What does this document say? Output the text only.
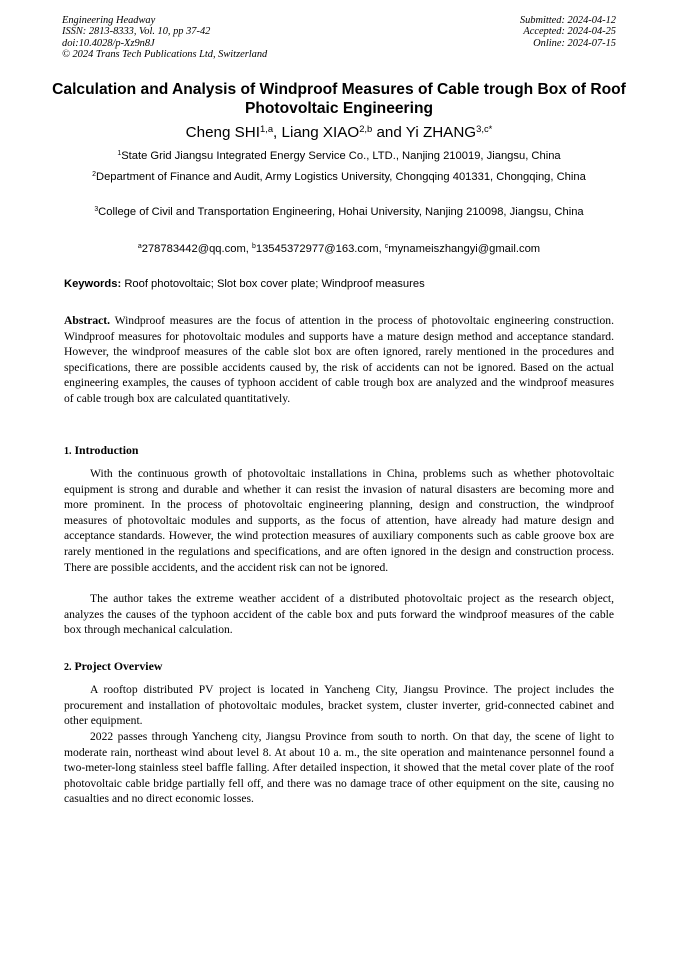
Engineering Headway
ISSN: 2813-8333, Vol. 10, pp 37-42
doi:10.4028/p-Xz9n8J
© 2024 Trans Tech Publications Ltd, Switzerland
Submitted: 2024-04-12
Accepted: 2024-04-25
Online: 2024-07-15
Calculation and Analysis of Windproof Measures of Cable trough Box of Roof Photovoltaic Engineering
Cheng SHI$^{1,a}$, Liang XIAO$^{2,b}$ and Yi $ZHANG^{3,c*}$
$^1$State Grid Jiangsu Integrated Energy Service Co., LTD., Nanjing 210019, Jiangsu, China
$^2$Department of Finance and Audit, Army Logistics University, Chongqing 401331, Chongqing, China
$^3$College of Civil and Transportation Engineering, Hohai University, Nanjing 210098, Jiangsu, China
$^a$278783442@qq.com, $^b$13545372977@163.com, $^c$mynameiszhangyi@gmail.com
Keywords: Roof photovoltaic; Slot box cover plate; Windproof measures

Abstract. Windproof measures are the focus of attention in the process of photovoltaic engineering construction. Windproof measures for photovoltaic modules and supports have a mature design method and acceptance standard. However, the windproof measures of the cable slot box are often ignored, rarely mentioned in the procedures and specifications, there are possible accidents caused by, the risk of accidents can not be ignored. Based on the actual engineering examples, the causes of typhoon accident of cable trough box are analyzed and the windproof measures of cable trough box are calculated quantitatively.

1. Introduction

With the continuous growth of photovoltaic installations in China, problems such as whether photovoltaic equipment is strong and durable and whether it can resist the invasion of natural disasters are becoming more and more prominent. In the process of photovoltaic engineering planning, design and construction, the windproof measures of photovoltaic modules and supports, as the focus of attention, have already had mature design and acceptance standards. However, the wind protection measures of auxiliary components such as cable groove box are rarely mentioned in the regulations and specifications, and are often ignored in the design and construction process. There are possible accidents, and the accident risk can not be ignored.

The author takes the extreme weather accident of a distributed photovoltaic project as the research object, analyzes the causes of the typhoon accident of the cable box and puts forward the windproof measures of the cable box through mechanical calculation.

2. Project Overview

A rooftop distributed PV project is located in Yancheng City, Jiangsu Province. The project includes the procurement and installation of photovoltaic modules, bracket system, cluster inverter, grid-connected cabinet and other equipment.

2022 passes through Yancheng city, Jiangsu Province from south to north. On that day, the scene of light to moderate rain, northeast wind about level 8. At about 10 a. m., the site operation and maintenance personnel found a two-meter-long stainless steel baffle falling. After detailed inspection, it showed that the metal cover plate of the roof photovoltaic cable bridge partially fell off, and there was no damage trace of other equipment on the site, causing no casualties and no direct economic losses.
